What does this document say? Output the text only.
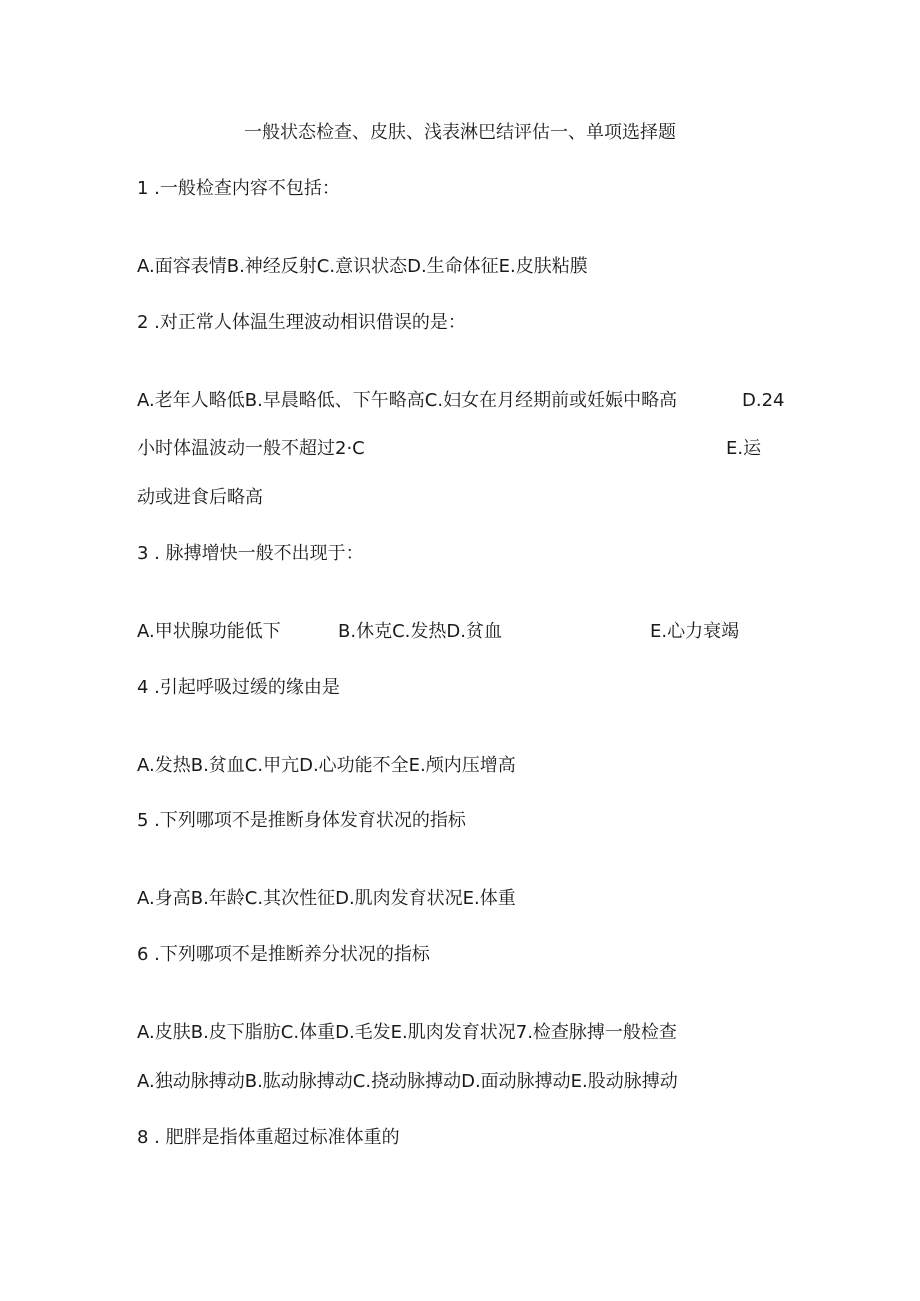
一般状态检查、皮肤、浅表淋巴结评估一、单项选择题

1 .一般检查内容不包括：

A.面容表情B.神经反射C.意识状态D.生命体征E.皮肤粘膜

2 .对正常人体温生理波动相识借误的是：

A.老年人略低B.早晨略低、下午略高C.妇女在月经期前或妊娠中略高	D.24

小时体温波动一般不超过2·C	E.运

动或进食后略高

3 . 脉搏增快一般不出现于：

A.甲状腺功能低下	B.休克C.发热D.贫血	E.心力衰竭

4 .引起呼吸过缓的缘由是

A.发热B.贫血C.甲亢D.心功能不全E.颅内压增高

5 .下列哪项不是推断身体发育状况的指标

A.身高B.年龄C.其次性征D.肌肉发育状况E.体重

6 .下列哪项不是推断养分状况的指标

A.皮肤B.皮下脂肪C.体重D.毛发E.肌肉发育状况7.检查脉搏一般检查

A.独动脉搏动B.肱动脉搏动C.挠动脉搏动D.面动脉搏动E.股动脉搏动

8 . 肥胖是指体重超过标准体重的
